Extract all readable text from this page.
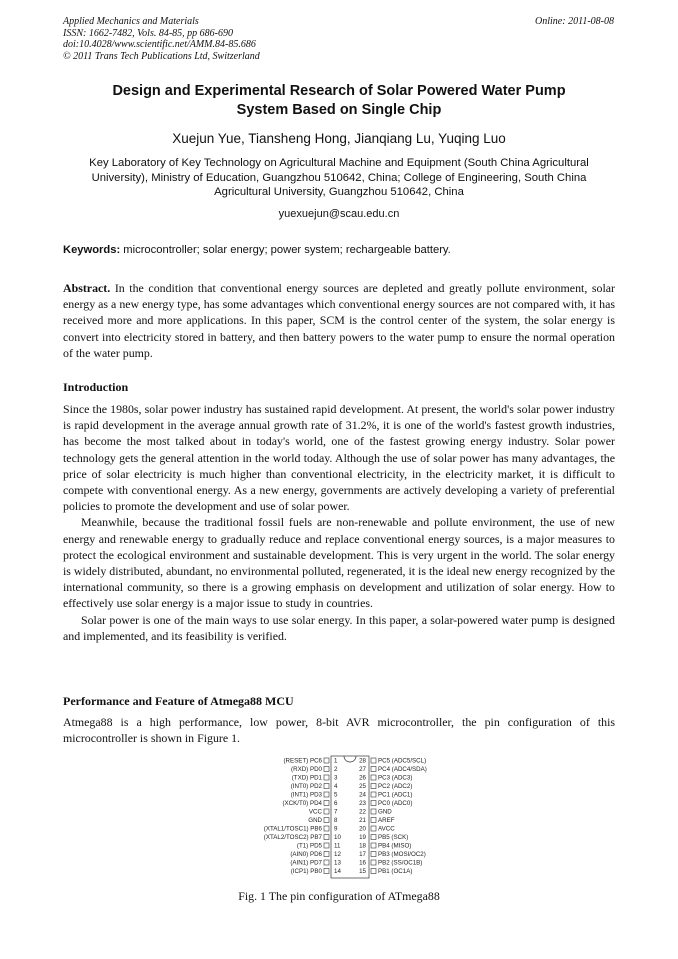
Applied Mechanics and Materials
ISSN: 1662-7482, Vols. 84-85, pp 686-690
doi:10.4028/www.scientific.net/AMM.84-85.686
© 2011 Trans Tech Publications Ltd, Switzerland
Online: 2011-08-08
Design and Experimental Research of Solar Powered Water Pump
System Based on Single Chip
Xuejun Yue, Tiansheng Hong, Jianqiang Lu, Yuqing Luo
Key Laboratory of Key Technology on Agricultural Machine and Equipment (South China Agricultural University), Ministry of Education, Guangzhou 510642, China; College of Engineering, South China Agricultural University, Guangzhou 510642, China
yuexuejun@scau.edu.cn
Keywords: microcontroller; solar energy; power system; rechargeable battery.
Abstract. In the condition that conventional energy sources are depleted and greatly pollute environment, solar energy as a new energy type, has some advantages which conventional energy sources are not compared with, it has received more and more applications. In this paper, SCM is the control center of the system, the solar energy is convert into electricity stored in battery, and then battery powers to the water pump to ensure the normal operation of the water pump.
Introduction

Since the 1980s, solar power industry has sustained rapid development. At present, the world's solar power industry is rapid development in the average annual growth rate of 31.2%, it is one of the world's fastest growth industries, has become the most talked about in today's world, one of the fastest growing energy industry. Solar power technology gets the general attention in the world today. Although the use of solar power has many advantages, the price of solar electricity is much higher than conventional electricity, in the electricity market, it is difficult to compete with conventional energy. As a new energy, governments are actively developing a variety of preferential policies to promote the development and use of solar power.

Meanwhile, because the traditional fossil fuels are non-renewable and pollute environment, the use of new energy and renewable energy to gradually reduce and replace conventional energy sources, is a major measures to protect the ecological environment and sustainable development. This is very urgent in the world. The solar energy is widely distributed, abundant, no environmental polluted, regenerated, it is the ideal new energy recognized by the international community, so there is a growing emphasis on development and utilization of solar energy. How to effectively use solar energy is a major issue to study in countries.

Solar power is one of the main ways to use solar energy. In this paper, a solar-powered water pump is designed and implemented, and its feasibility is verified.

Performance and Feature of Atmega88 MCU
Atmega88 is a high performance, low power, 8-bit AVR microcontroller, the pin configuration of this microcontroller is shown in Figure 1.
(RESET) PC6 1
(RXD) PD0 2
(TXD) PD1 3
(INT0) PD2 4
(INT1) PD3 5
(XCK/T0) PD4 6
VCC 7
GND 8
(XTAL1/TOSC1) PB6 9
(XTAL2/TOSC2) PB7 10
(T1) PD5 11
(AIN0) PD6 12
(AIN1) PD7 13
(ICP1) PB0 14
28 PC5 (ADC5/SCL)
27 PC4 (ADC4/SDA)
26 PC3 (ADC3)
25 PC2 (ADC2)
24 PC1 (ADC1)
23 PC0 (ADC0)
22 GND
21 AREF
20 AVCC
19 PB5 (SCK)
18 PB4 (MISO)
17 PB3 (MOSI/OC2)
16 PB2 (SS/OC1B)
15 PB1 (OC1A)
Fig. 1 The pin configuration of ATmega88
